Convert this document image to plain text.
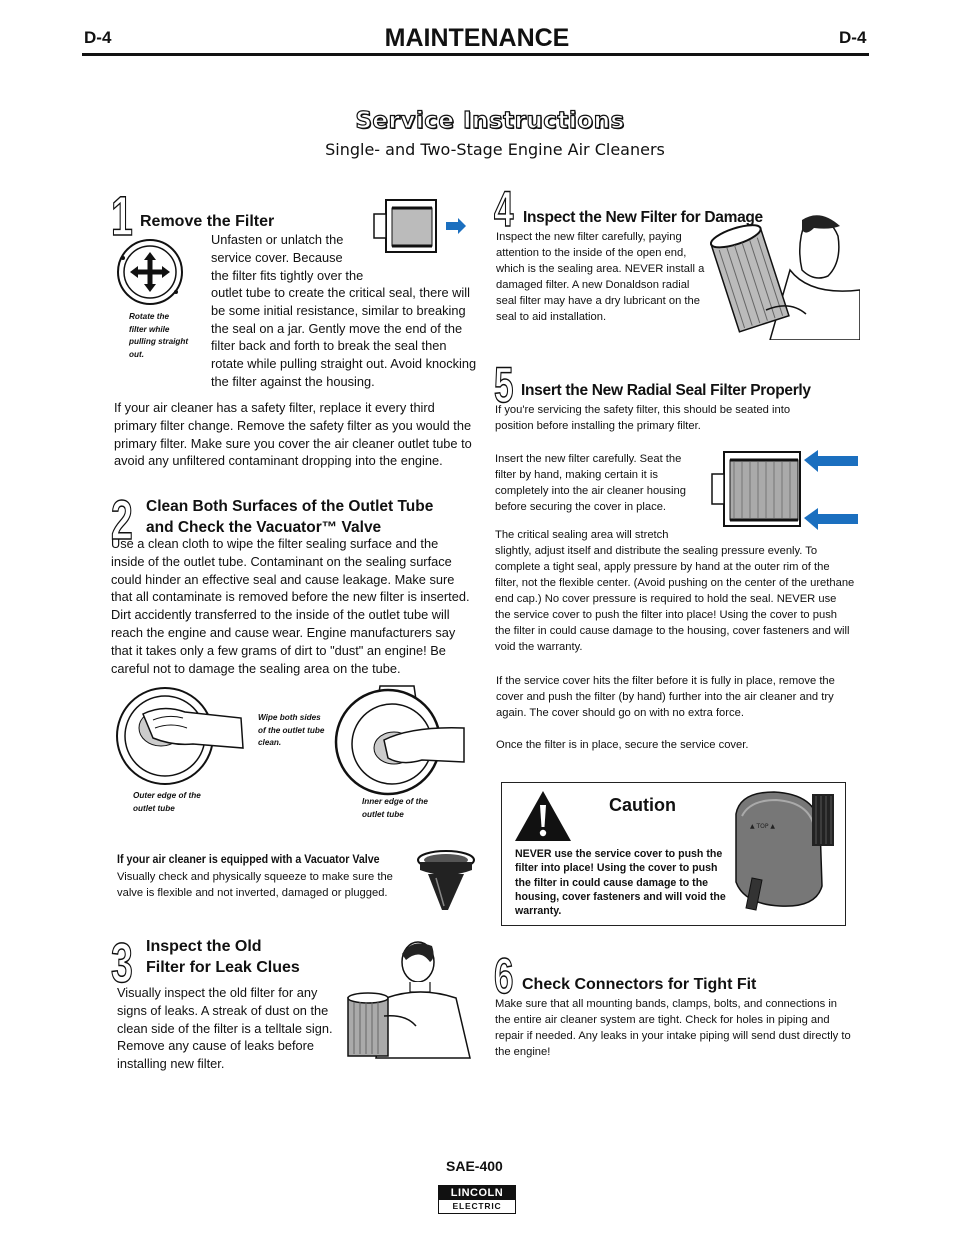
D-4	D-4
MAINTENANCE
Service Instructions
Single- and Two-Stage Engine Air Cleaners
1 Remove the Filter
Rotate the filter while pulling straight out.
Unfasten or unlatch the
service cover. Because
the filter fits tightly over the
outlet tube to create the critical seal, there will be some initial resistance, similar to breaking the seal on a jar. Gently move the end of the filter back and forth to break the seal then rotate while pulling straight out. Avoid knocking the filter against the housing.
If your air cleaner has a safety filter, replace it every third primary filter change. Remove the safety filter as you would the primary filter. Make sure you cover the air cleaner outlet tube to avoid any unfiltered contaminant dropping into the engine.
2 Clean Both Surfaces of the Outlet Tube
and Check the Vacuator™ Valve
Use a clean cloth to wipe the filter sealing surface and the inside of the outlet tube. Contaminant on the sealing surface could hinder an effective seal and cause leakage. Make sure that all contaminate is removed before the new filter is inserted. Dirt accidently transferred to the inside of the outlet tube will reach the engine and cause wear. Engine manufacturers say that it takes only a few grams of dirt to "dust" an engine! Be careful not to damage the sealing area on the tube.
Wipe both sides of the outlet tube clean.
Outer edge of the outlet tube
Inner edge of the outlet tube
If your air cleaner is equipped with a Vacuator Valve
Visually check and physically squeeze to make sure the valve is flexible and not inverted, damaged or plugged.
3 Inspect the Old
Filter for Leak Clues
Visually inspect the old filter for any signs of leaks. A streak of dust on the clean side of the filter is a telltale sign. Remove any cause of leaks before installing new filter.
4 Inspect the New Filter for Damage
Inspect the new filter carefully, paying attention to the inside of the open end, which is the sealing area. NEVER install a damaged filter. A new Donaldson radial seal filter may have a dry lubricant on the seal to aid installation.
5 Insert the New Radial Seal Filter Properly
If you're servicing the safety filter, this should be seated into position before installing the primary filter.
Insert the new filter carefully. Seat the filter by hand, making certain it is completely into the air cleaner housing before securing the cover in place.
The critical sealing area will stretch
slightly, adjust itself and distribute the sealing pressure evenly. To complete a tight seal, apply pressure by hand at the outer rim of the filter, not the flexible center. (Avoid pushing on the center of the urethane end cap.) No cover pressure is required to hold the seal. NEVER use the service cover to push the filter into place! Using the cover to push the filter in could cause damage to the housing, cover fasteners and will void the warranty.
If the service cover hits the filter before it is fully in place, remove the cover and push the filter (by hand) further into the air cleaner and try again. The cover should go on with no extra force.
Once the filter is in place, secure the service cover.
Caution
NEVER use the service cover to push the filter into place! Using the cover to push the filter in could cause damage to the housing, cover fasteners and will void the warranty.
▲ TOP ▲
6 Check Connectors for Tight Fit
Make sure that all mounting bands, clamps, bolts, and connections in the entire air cleaner system are tight. Check for holes in piping and repair if needed. Any leaks in your intake piping will send dust directly to the engine!
SAE-400
LINCOLN
ELECTRIC
®
